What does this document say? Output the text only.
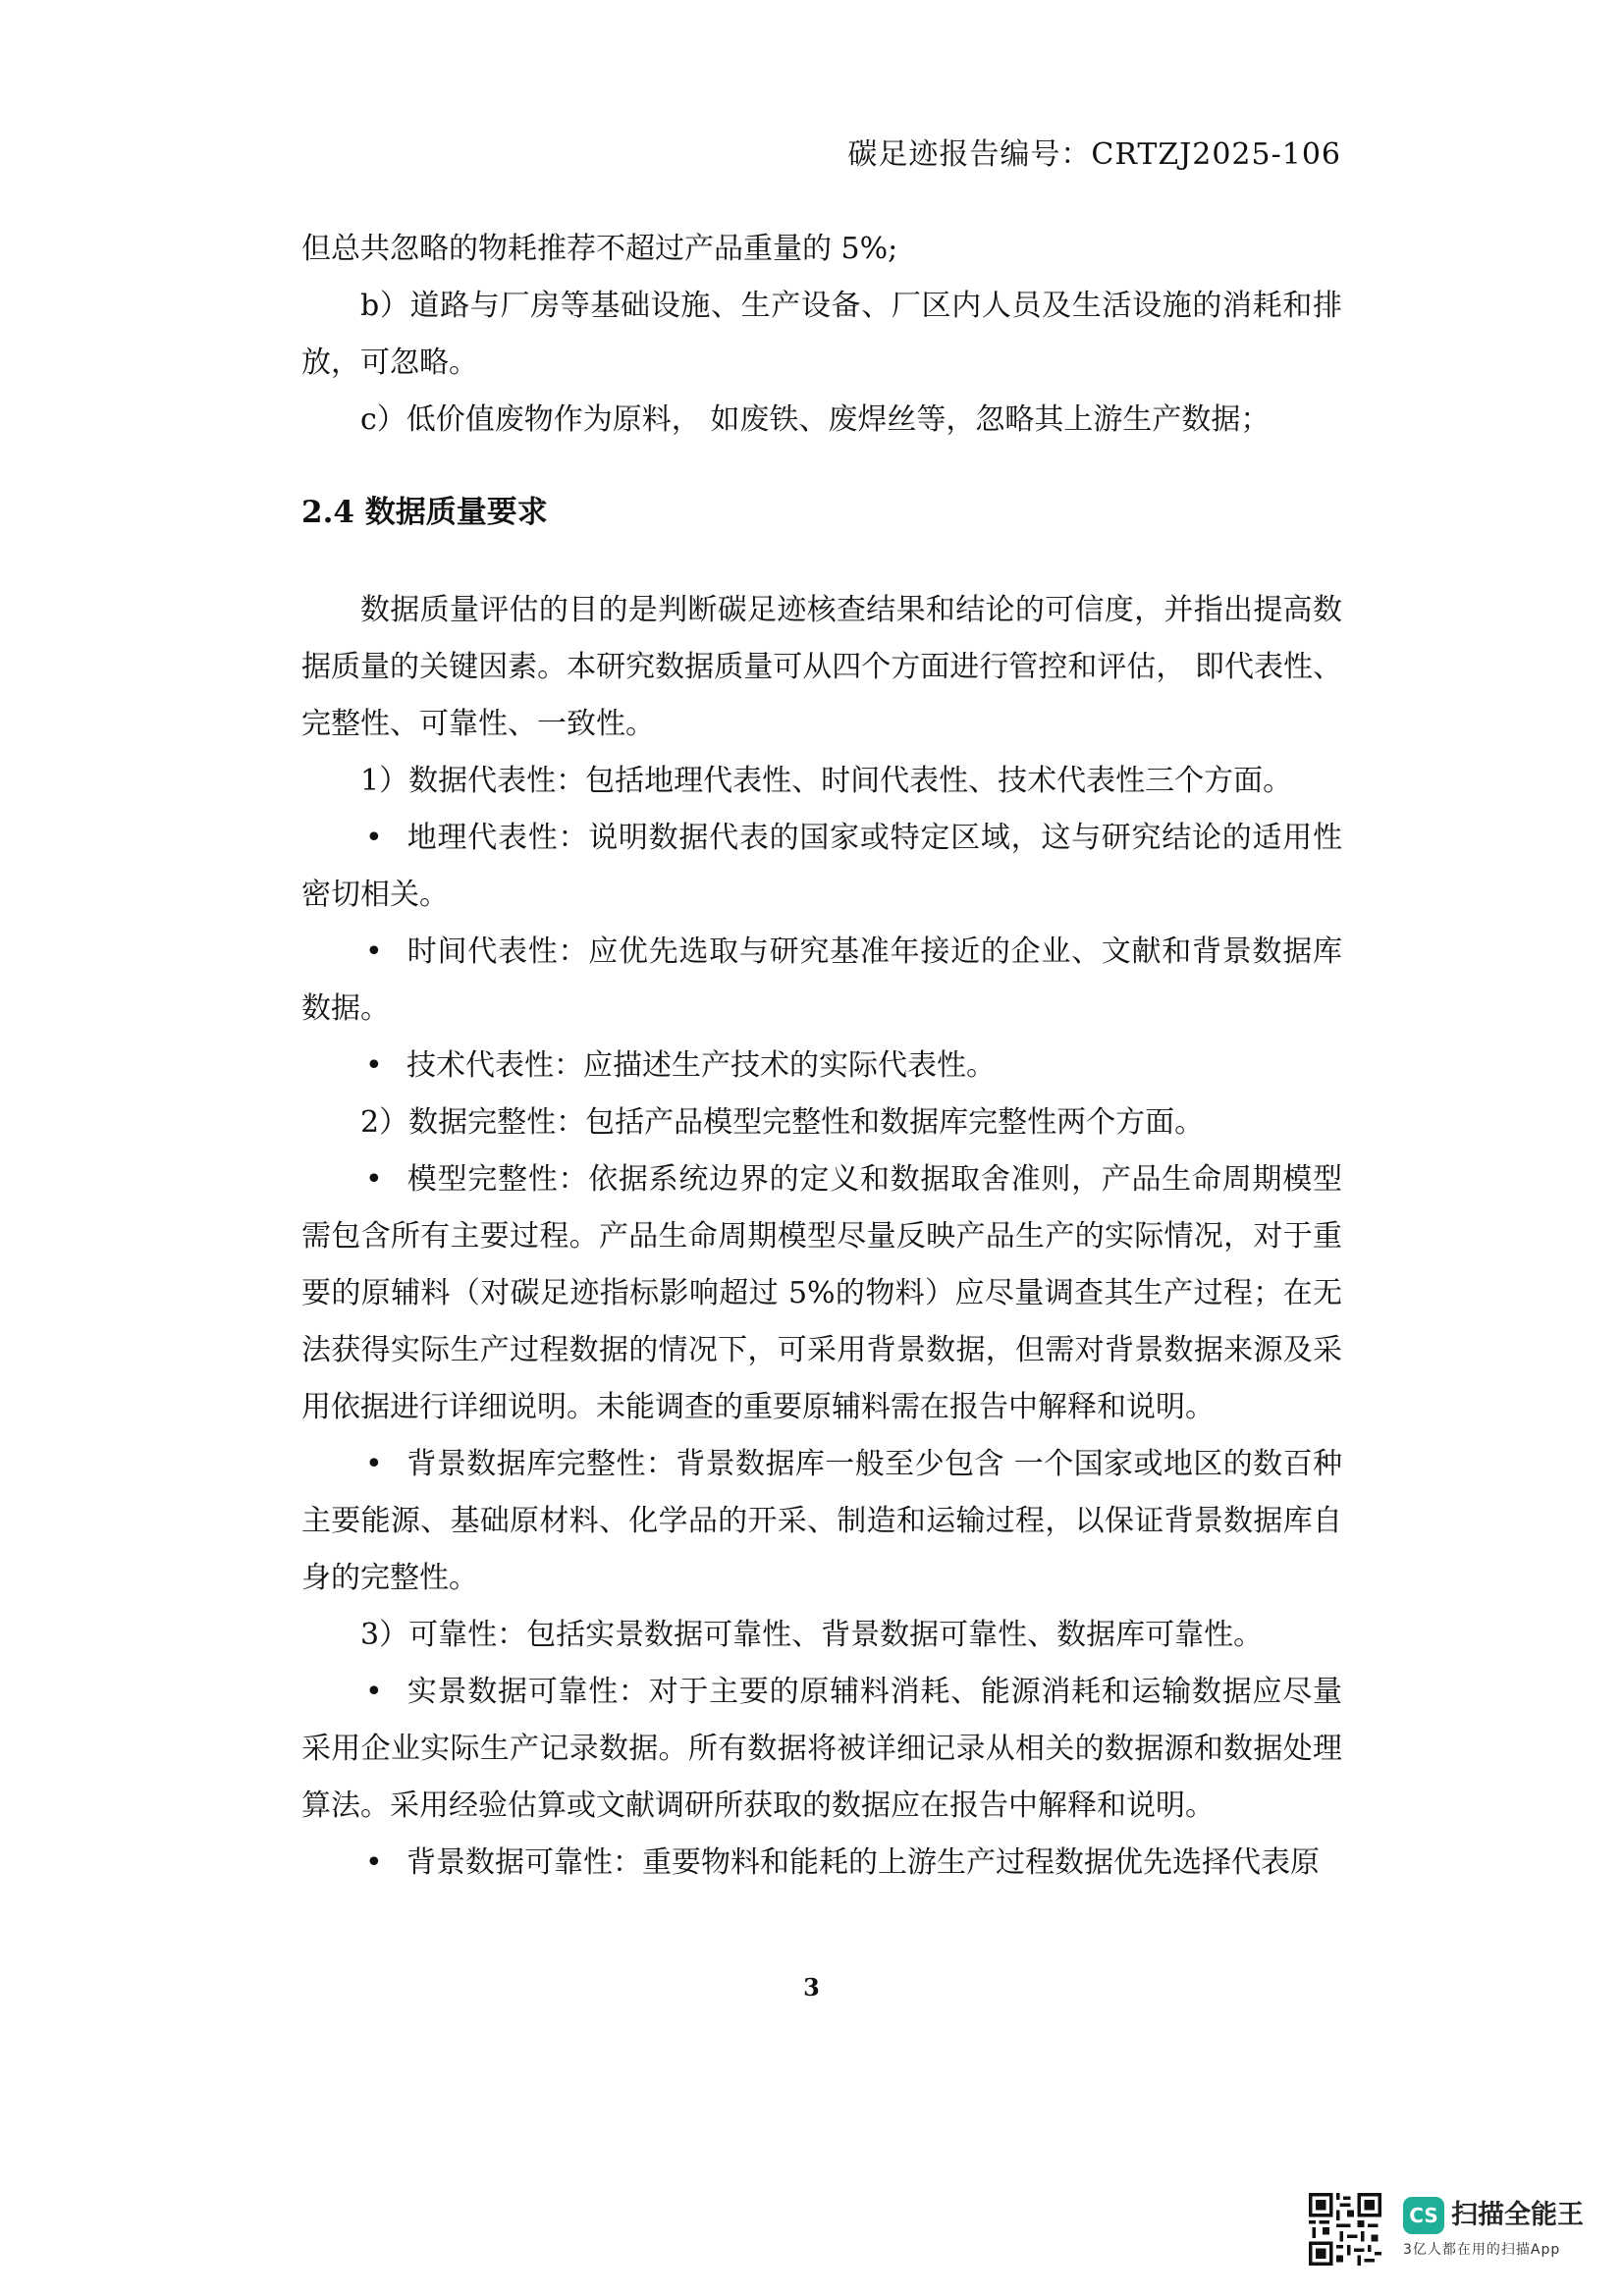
碳足迹报告编号：CRTZJ2025-106

但总共忽略的物耗推荐不超过产品重量的 5%;

b）道路与厂房等基础设施、生产设备、厂区内人员及生活设施的消耗和排放，可忽略。

c）低价值废物作为原料， 如废铁、废焊丝等，忽略其上游生产数据；

2.4 数据质量要求

数据质量评估的目的是判断碳足迹核查结果和结论的可信度，并指出提高数据质量的关键因素。本研究数据质量可从四个方面进行管控和评估， 即代表性、完整性、可靠性、一致性。

1）数据代表性：包括地理代表性、时间代表性、技术代表性三个方面。

• 地理代表性：说明数据代表的国家或特定区域，这与研究结论的适用性密切相关。

• 时间代表性：应优先选取与研究基准年接近的企业、文献和背景数据库数据。

• 技术代表性：应描述生产技术的实际代表性。

2）数据完整性：包括产品模型完整性和数据库完整性两个方面。

• 模型完整性：依据系统边界的定义和数据取舍准则，产品生命周期模型需包含所有主要过程。产品生命周期模型尽量反映产品生产的实际情况，对于重要的原辅料（对碳足迹指标影响超过 5%的物料）应尽量调查其生产过程；在无法获得实际生产过程数据的情况下，可采用背景数据，但需对背景数据来源及采用依据进行详细说明。未能调查的重要原辅料需在报告中解释和说明。

• 背景数据库完整性：背景数据库一般至少包含 一个国家或地区的数百种主要能源、基础原材料、化学品的开采、制造和运输过程，以保证背景数据库自身的完整性。

3）可靠性：包括实景数据可靠性、背景数据可靠性、数据库可靠性。

• 实景数据可靠性：对于主要的原辅料消耗、能源消耗和运输数据应尽量采用企业实际生产记录数据。所有数据将被详细记录从相关的数据源和数据处理算法。采用经验估算或文献调研所获取的数据应在报告中解释和说明。

• 背景数据可靠性：重要物料和能耗的上游生产过程数据优先选择代表原

3
CS 扫描全能王
3亿人都在用的扫描App
